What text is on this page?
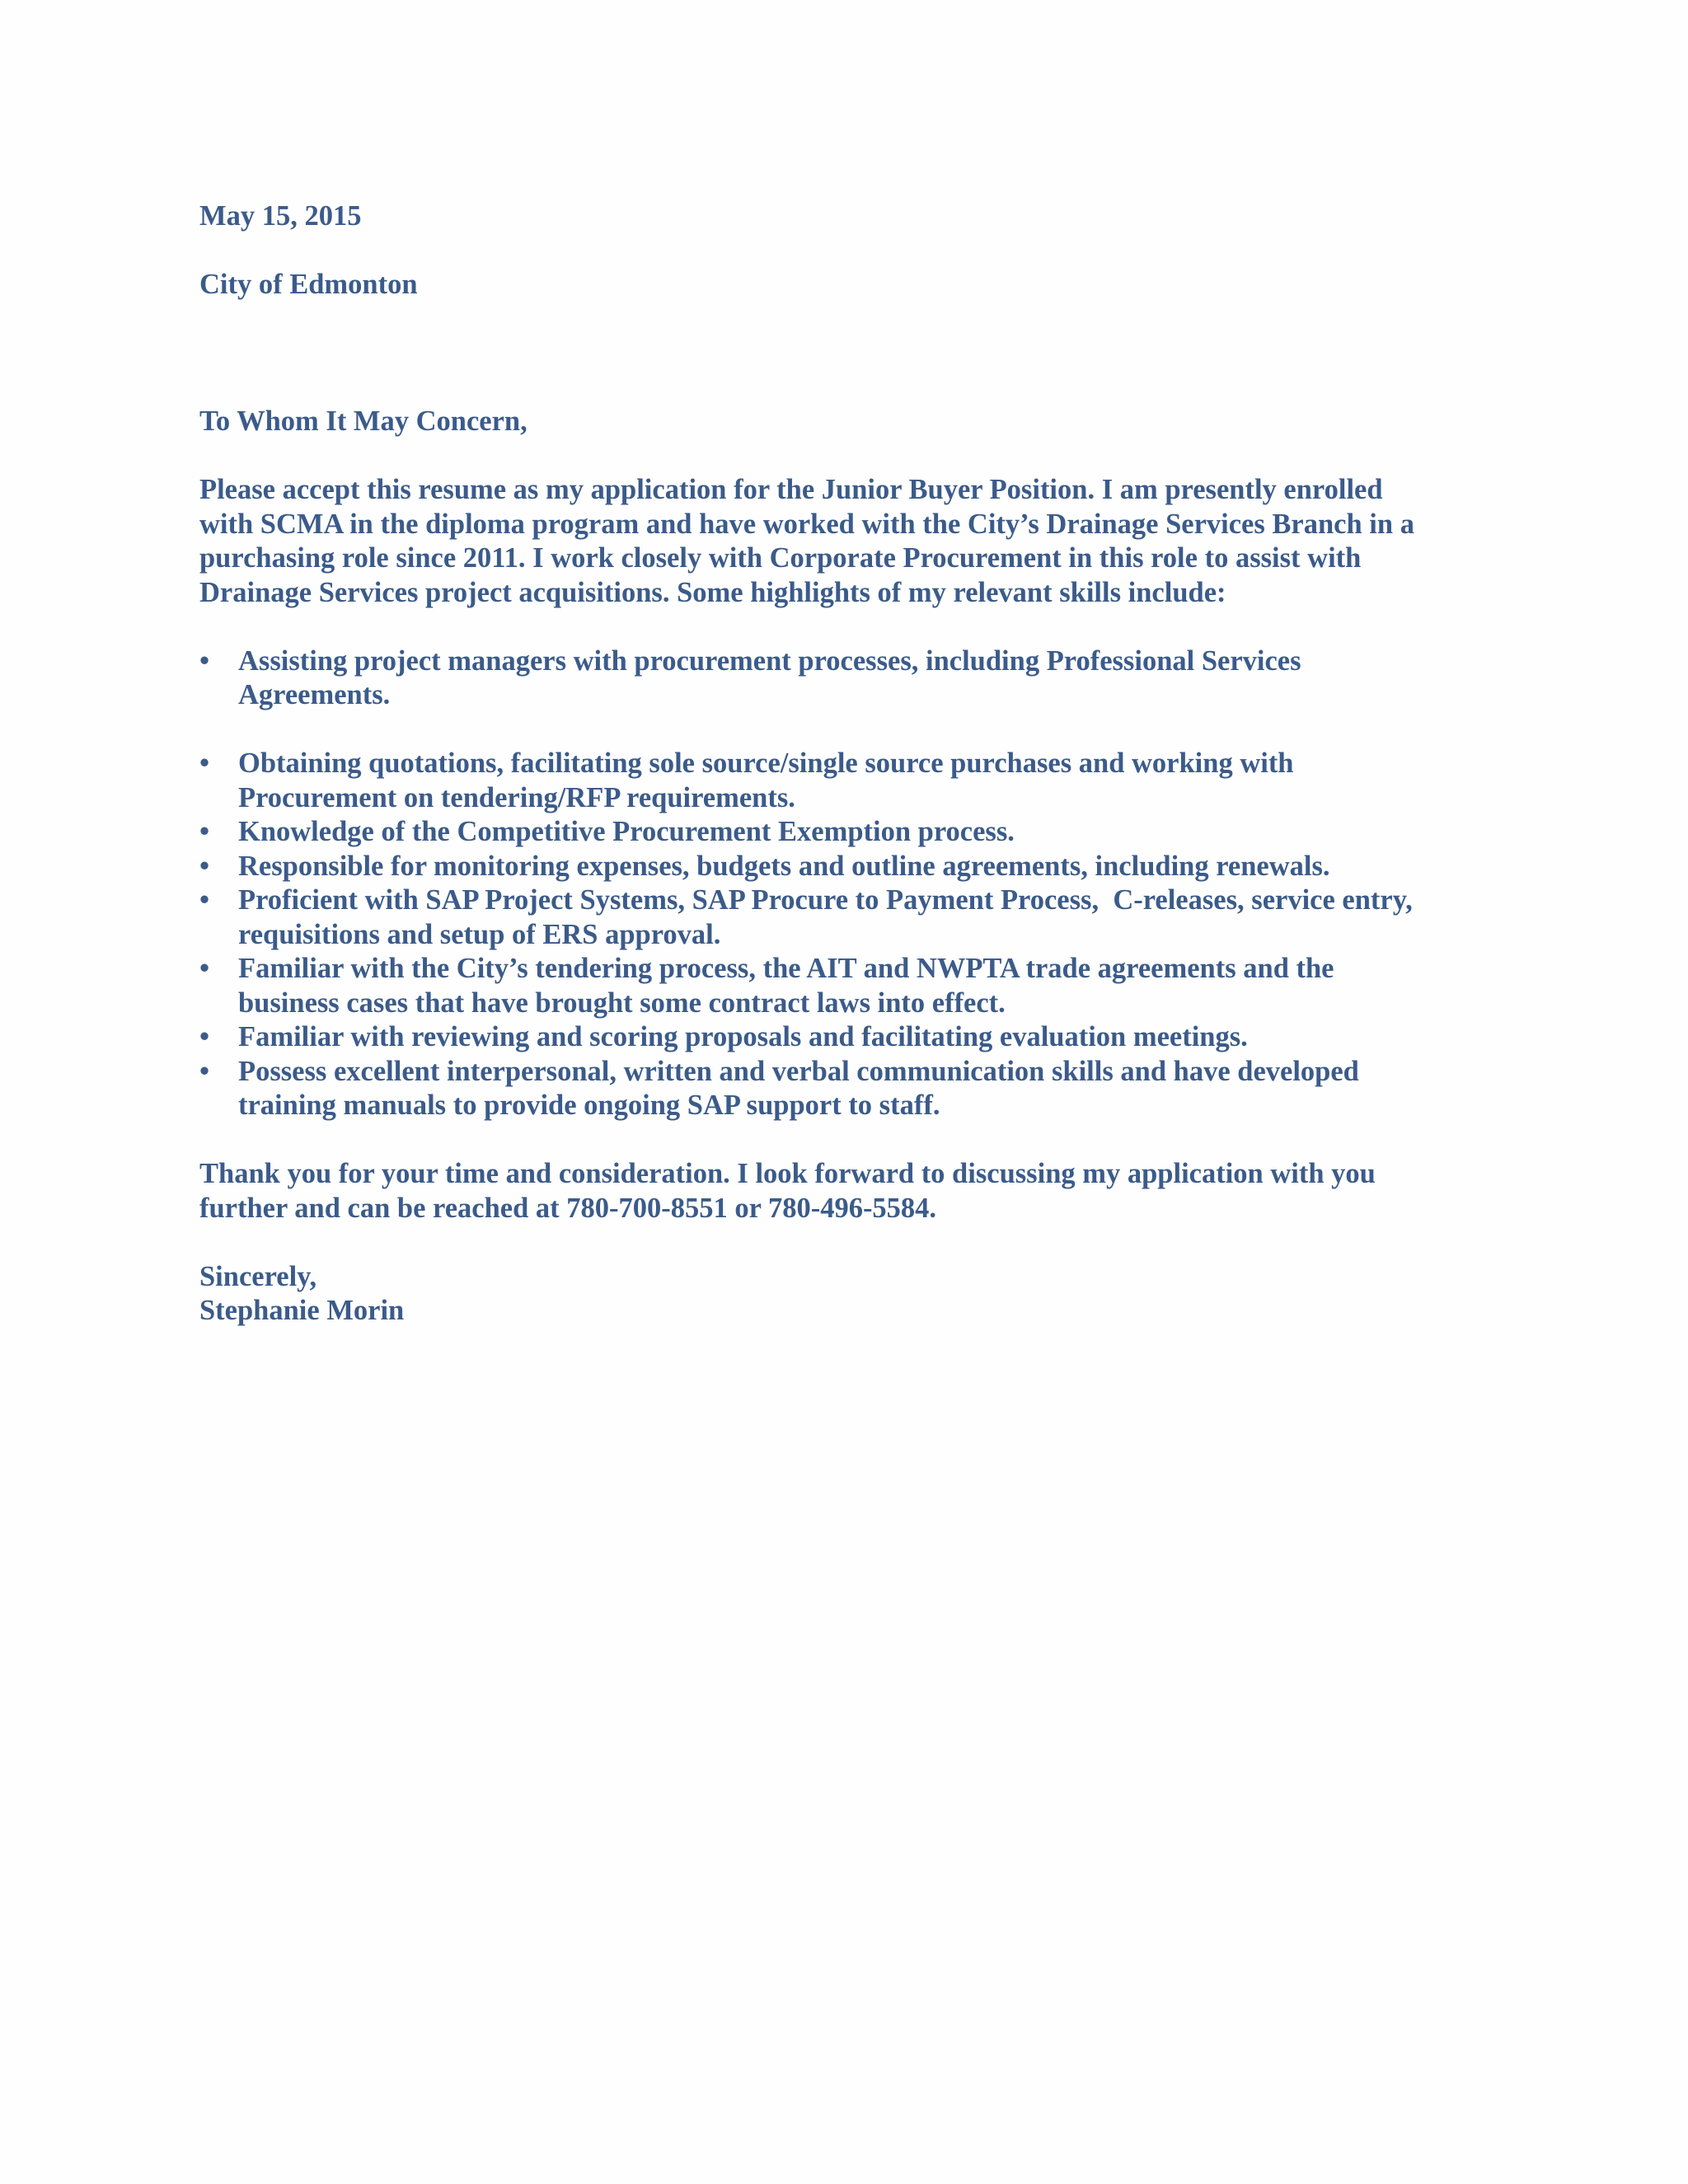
May 15, 2015

City of Edmonton

To Whom It May Concern,

Please accept this resume as my application for the Junior Buyer Position. I am presently enrolled

with SCMA in the diploma program and have worked with the City’s Drainage Services Branch in a

purchasing role since 2011. I work closely with Corporate Procurement in this role to assist with

Drainage Services project acquisitions. Some highlights of my relevant skills include:

• Assisting project managers with procurement processes, including Professional Services

Agreements.

• Obtaining quotations, facilitating sole source/single source purchases and working with

Procurement on tendering/RFP requirements.

• Knowledge of the Competitive Procurement Exemption process.

• Responsible for monitoring expenses, budgets and outline agreements, including renewals.

• Proficient with SAP Project Systems, SAP Procure to Payment Process,  C-releases, service entry,

requisitions and setup of ERS approval.

• Familiar with the City’s tendering process, the AIT and NWPTA trade agreements and the

business cases that have brought some contract laws into effect.

• Familiar with reviewing and scoring proposals and facilitating evaluation meetings.

• Possess excellent interpersonal, written and verbal communication skills and have developed

training manuals to provide ongoing SAP support to staff.

Thank you for your time and consideration. I look forward to discussing my application with you

further and can be reached at 780-700-8551 or 780-496-5584.

Sincerely,

Stephanie Morin
